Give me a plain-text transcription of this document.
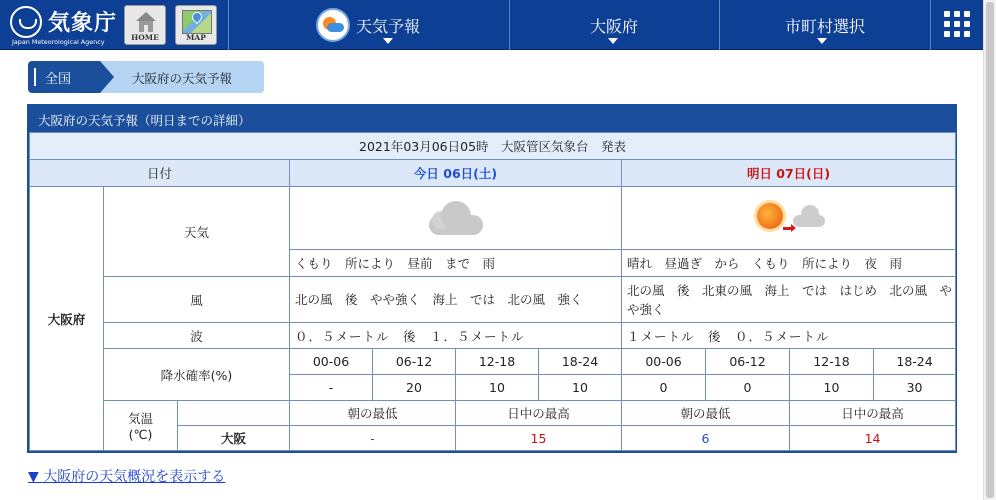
気象庁
Japan Meteorological Agency	HOME	MAP
天気予報	大阪府	市町村選択
大阪府の天気予報
全国
大阪府の天気予報（明日までの詳細）
2021年03月06日05時　大阪管区気象台　発表										
日付			今日 06日(土)				明日 07日(日)			
大阪府	天気								

			くもり　所により　昼前　まで　雨				晴れ　昼過ぎ　から　くもり　所により　夜　雨			
	風		北の風　後　やや強く　海上　では　北の風　強く				北の風　後　北東の風　海上　では　はじめ　北の風　やや強く			
	波		０．５メートル　後　１．５メートル				１メートル　後　０．５メートル			
	降水確率(%)		00-06	06-12	12-18	18-24	00-06	06-12	12-18	18-24
			-	20	10	10	0	0	10	30
	気温
(℃)		朝の最低		日中の最高		朝の最低		日中の最高	
		大阪	-		15		6		14	
▼ 大阪府の天気概況を表示する
